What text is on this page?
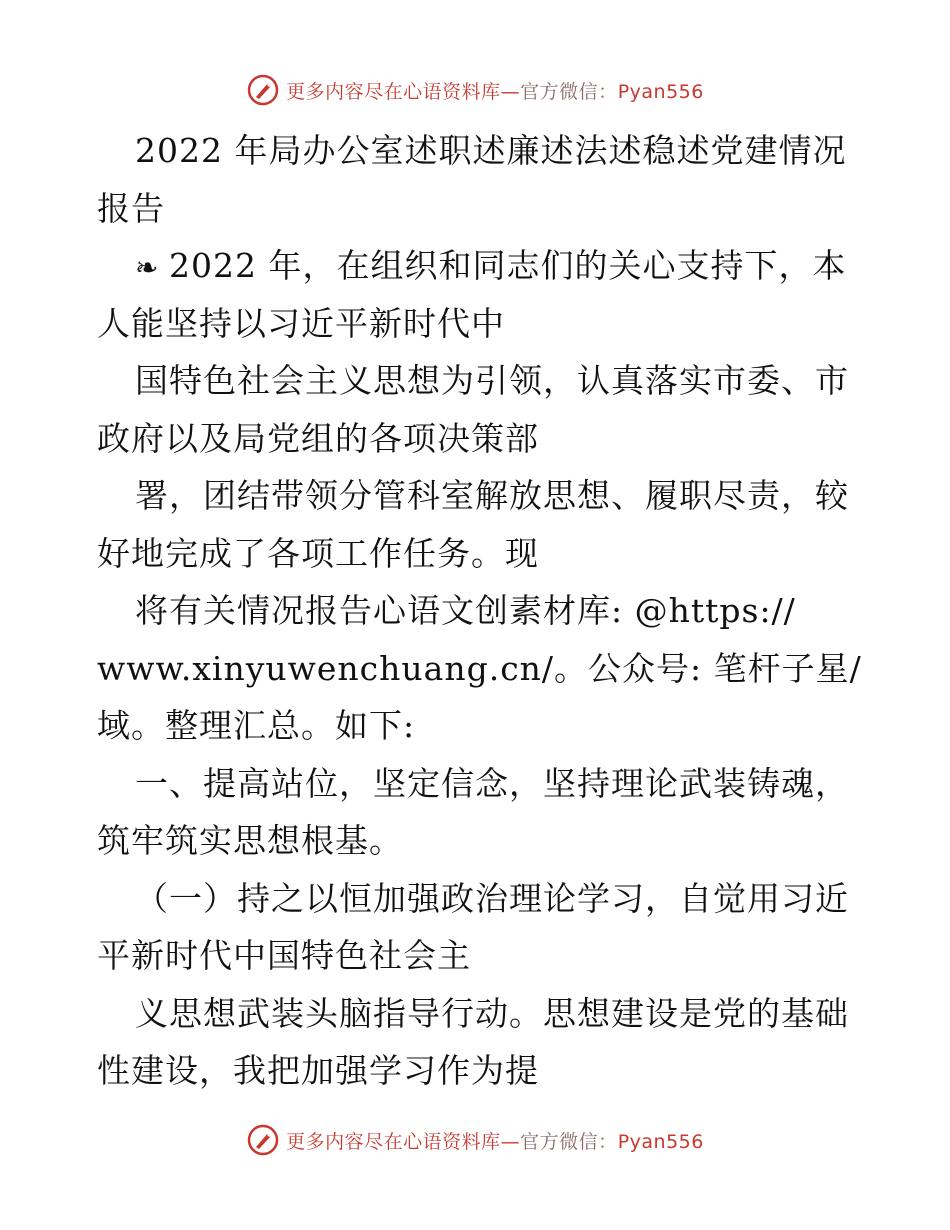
更多内容尽在心语资料库—官方微信：Pyan556
2022 年局办公室述职述廉述法述稳述党建情况
报告
❧ 2022 年，在组织和同志们的关心支持下，本
人能坚持以习近平新时代中
国特色社会主义思想为引领，认真落实市委、市
政府以及局党组的各项决策部
署，团结带领分管科室解放思想、履职尽责，较
好地完成了各项工作任务。现
将有关情况报告心语文创素材库: @https://
www.xinyuwenchuang.cn/。公众号: 笔杆子星/
域。整理汇总。如下:
一、提高站位，坚定信念，坚持理论武装铸魂，
筑牢筑实思想根基。
（一）持之以恒加强政治理论学习，自觉用习近
平新时代中国特色社会主
义思想武装头脑指导行动。思想建设是党的基础
性建设，我把加强学习作为提
更多内容尽在心语资料库—官方微信：Pyan556
